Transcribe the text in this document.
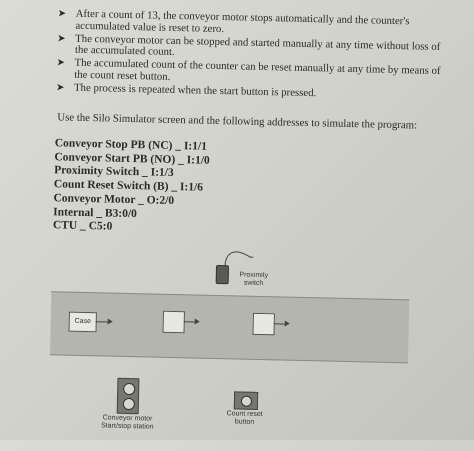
➤ After a count of 13, the conveyor motor stops automatically and the counter's accumulated value is reset to zero.
➤ The conveyor motor can be stopped and started manually at any time without loss of the accumulated count.
➤ The accumulated count of the counter can be reset manually at any time by means of the count reset button.
➤ The process is repeated when the start button is pressed.
Use the Silo Simulator screen and the following addresses to simulate the program:
Conveyor Stop PB (NC) _ I:1/1
Conveyor Start PB (NO) _ I:1/0
Proximity Switch _ I:1/3
Count Reset Switch (B) _ I:1/6
Conveyor Motor _ O:2/0
Internal _ B3:0/0
CTU _ C5:0
Proximity
switch
Case
Conveyor motor
Start/stop station
Count reset
button
